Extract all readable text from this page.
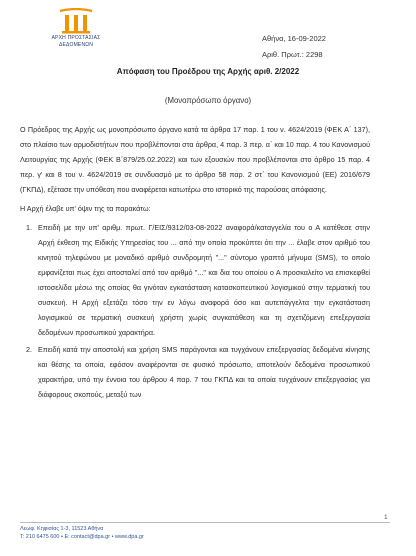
ΑΡΧΗ ΠΡΟΣΤΑΣΙΑΣ
ΔΕΔΟΜΕΝΩΝ
Αθήνα, 16-09-2022
Αριθ. Πρωτ.: 2298
Απόφαση του Προέδρου της Αρχής αριθ. 2/2022
(Μονοπρόσωπο όργανο)

Ο Πρόεδρος της Αρχής ως μονοπρόσωπο όργανο κατά τα άρθρα 17 παρ. 1 του ν. 4624/2019 (ΦΕΚ Α΄ 137), στο πλαίσιο των αρμοδιοτήτων που προβλέπονται στα άρθρα, 4 παρ. 3 περ. α΄ και 10 παρ. 4 του Κανονισμού Λειτουργίας της Αρχής (ΦΕΚ Β΄879/25.02.2022) και των εξουσιών που προβλέπονται στο άρθρο 15 παρ. 4 περ. γ' και 8 του ν. 4624/2019 σε συνδυασμό με το άρθρο 58 παρ. 2 στ΄ του Κανονισμού (ΕΕ) 2016/679 (ΓΚΠΔ), εξέτασε την υπόθεση που αναφέρεται κατωτέρω στο ιστορικό της παρούσας απόφασης.

Η Αρχή έλαβε υπ' όψιν της τα παρακάτω:

1. Επειδή με την υπ' αριθμ. πρωτ. Γ/ΕΙΣ/9312/03-08-2022 αναφορά/καταγγελία του ο Α κατέθεσε στην Αρχή έκθεση της Ειδικής Υπηρεσίας του ... από την οποία προκύπτει ότι την ... έλαβε στον αριθμό του κινητού τηλεφώνου με μοναδικό αριθμό συνδρομητή "..." σύντομο γραπτό μήνυμα (SMS), το οποίο εμφανίζεται πως έχει αποσταλεί από τον αριθμό "..." και δια του οποίου ο Α προσκαλείτο να επισκεφθεί ιστοσελίδα μέσω της οποίας θα γινόταν εγκατάσταση κατασκοπευτικού λογισμικού στην τερματική του συσκευή. Η Αρχή εξετάζει τόσο την εν λόγω αναφορά όσο και αυτεπάγγελτα την εγκατάσταση λογισμικού σε τερματική συσκευή χρήστη χωρίς συγκατάθεση και τη σχετιζόμενη επεξεργασία δεδομένων προσωπικού χαρακτήρα.
2. Επειδή κατά την αποστολή και χρήση SMS παράγονται και τυγχάνουν επεξεργασίας δεδομένα κίνησης και θέσης τα οποία, εφόσον αναφέρονται σε φυσικό πρόσωπο, αποτελούν δεδομένα προσωπικού χαρακτήρα, υπό την έννοια του άρθρου 4 παρ. 7 του ΓΚΠΔ και τα οποία τυγχάνουν επεξεργασίας για διάφορους σκοπούς, μεταξύ των
1
Λεωφ. Κηφισίας 1-3, 11523 Αθήνα
Τ: 210 6475 600 • E: contact@dpa.gr • www.dpa.gr
